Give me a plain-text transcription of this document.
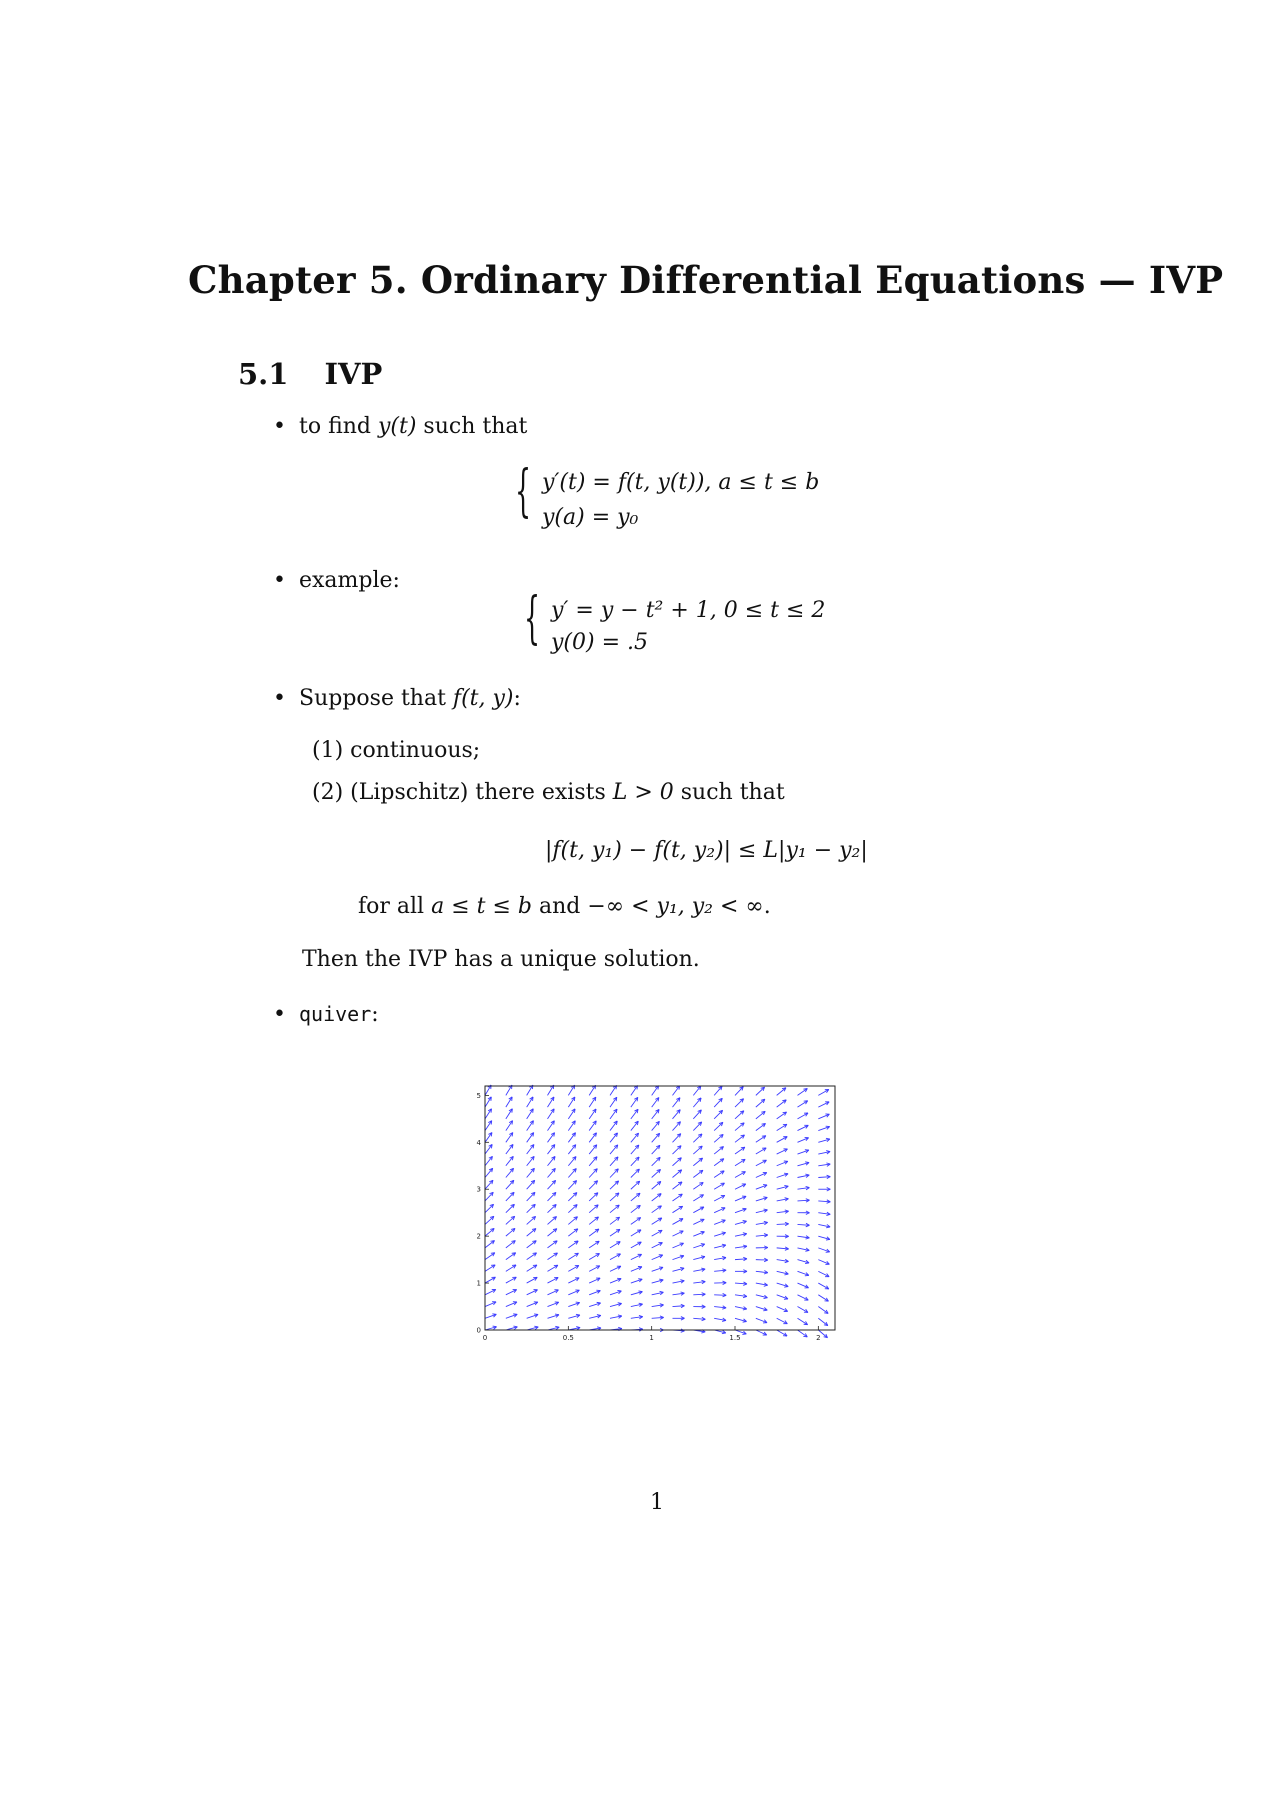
Chapter 5. Ordinary Differential Equations — IVP
5.1 IVP
• to find y(t) such that
{ y′(t) = f(t, y(t)), a ≤ t ≤ b
y(a) = y₀
• example:
{ y′ = y − t² + 1, 0 ≤ t ≤ 2
y(0) = .5
• Suppose that f(t, y):
(1) continuous;
(2) (Lipschitz) there exists L > 0 such that
|f(t, y₁) − f(t, y₂)| ≤ L|y₁ − y₂|
for all a ≤ t ≤ b and −∞ < y₁, y₂ < ∞.
Then the IVP has a unique solution.
• quiver:
0	0.5	1	1.5	2
0
1
2
3
4
5
1
